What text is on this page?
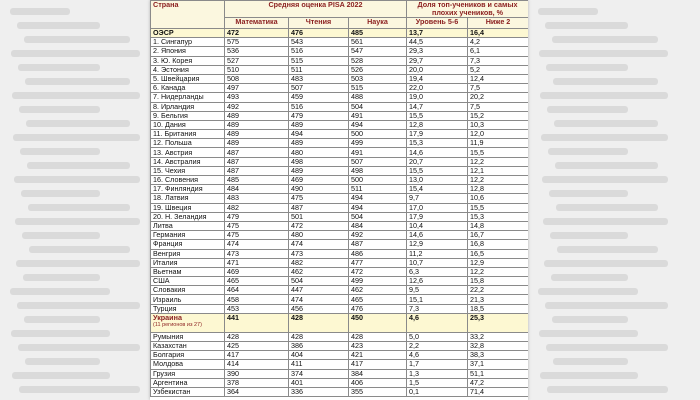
Страна	Средняя оценка PISA 2022			Доля топ-учеников и самых плохих учеников, %	
	Математика	Чтения	Наука	Уровень 5-6	Ниже 2
ОЭСР	472	476	485	13,7	16,4
1. Сингапур	575	543	561	44,5	4,2
2. Япония	536	516	547	29,3	6,1
3. Ю. Корея	527	515	528	29,7	7,3
4. Эстония	510	511	526	20,0	5,2
5. Швейцария	508	483	503	19,4	12,4
6. Канада	497	507	515	22,0	7,5
7. Нидерланды	493	459	488	19,0	20,2
8. Ирландия	492	516	504	14,7	7,5
9. Бельгия	489	479	491	15,5	15,2
10. Дания	489	489	494	12,8	10,3
11. Британия	489	494	500	17,9	12,0
12. Польша	489	489	499	15,3	11,9
13. Австрия	487	480	491	14,6	15,5
14. Австралия	487	498	507	20,7	12,2
15. Чехия	487	489	498	15,5	12,1
16. Словения	485	469	500	13,0	12,2
17. Финляндия	484	490	511	15,4	12,8
18. Латвия	483	475	494	9,7	10,6
19. Швеция	482	487	494	17,0	15,5
20. Н. Зеландия	479	501	504	17,9	15,3
Литва	475	472	484	10,4	14,8
Германия	475	480	492	14,6	16,7
Франция	474	474	487	12,9	16,8
Венгрия	473	473	486	11,2	16,5
Италия	471	482	477	10,7	12,9
Вьетнам	469	462	472	6,3	12,2
США	465	504	499	12,6	15,8
Словакия	464	447	462	9,5	22,2
Израиль	458	474	465	15,1	21,3
Турция	453	456	476	7,3	18,5
Украина
(11 регионов из 27)	441	428	450	4,6	25,3
Румыния	428	428	428	5,0	33,2
Казахстан	425	386	423	2,2	32,8
Болгария	417	404	421	4,6	38,3
Молдова	414	411	417	1,7	37,1
Грузия	390	374	384	1,3	51,1
Аргентина	378	401	406	1,5	47,2
Узбекистан	364	336	355	0,1	71,4
